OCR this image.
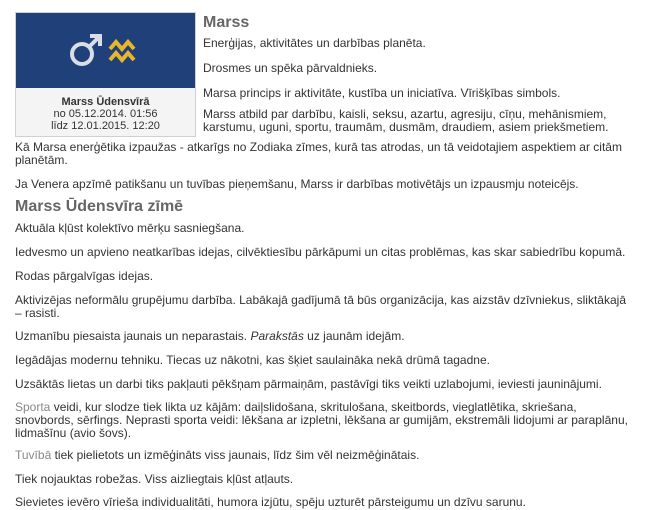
Marss Ūdensvīrā
no 05.12.2014. 01:56
līdz 12.01.2015. 12:20
Marss

Enerģijas, aktivitātes un darbības planēta.

Drosmes un spēka pārvaldnieks.

Marsa princips ir aktivitāte, kustība un iniciatīva. Vīrišķības simbols.

Marss atbild par darbību, kaisli, seksu, azartu, agresiju, cīņu, mehānismiem, karstumu, uguni, sportu, traumām, dusmām, draudiem, asiem priekšmetiem.

Kā Marsa enerģētika izpaužas - atkarīgs no Zodiaka zīmes, kurā tas atrodas, un tā veidotajiem aspektiem ar citām planētām.

Ja Venera apzīmē patikšanu un tuvības pieņemšanu, Marss ir darbības motivētājs un izpausmju noteicējs.

Marss Ūdensvīra zīmē

Aktuāla kļūst kolektīvo mērķu sasniegšana.

Iedvesmo un apvieno neatkarības idejas, cilvēktiesību pārkāpumi un citas problēmas, kas skar sabiedrību kopumā.

Rodas pārgalvīgas idejas.

Aktivizējas neformālu grupējumu darbība. Labākajā gadījumā tā būs organizācija, kas aizstāv dzīvniekus, sliktākajā – rasisti.

Uzmanību piesaista jaunais un neparastais. Parakstās uz jaunām idejām.

Iegādājas modernu tehniku. Tiecas uz nākotni, kas šķiet saulaināka nekā drūmā tagadne.

Uzsāktās lietas un darbi tiks pakļauti pēkšņam pārmaiņām, pastāvīgi tiks veikti uzlabojumi, ieviesti jauninājumi.

Sporta veidi, kur slodze tiek likta uz kājām: daiļslidošana, skritulošana, skeitbords, vieglatlētika, skriešana, snovbords, sērfings. Neprasti sporta veidi: lēkšana ar izpletni, lēkšana ar gumijām, ekstremāli lidojumi ar paraplānu, lidmašīnu (avio šovs).

Tuvībā tiek pielietots un izmēģināts viss jaunais, līdz šim vēl neizmēģinātais.

Tiek nojauktas robežas. Viss aizliegtais kļūst atļauts.

Sievietes ievēro vīrieša individualitāti, humora izjūtu, spēju uzturēt pārsteigumu un dzīvu sarunu.
